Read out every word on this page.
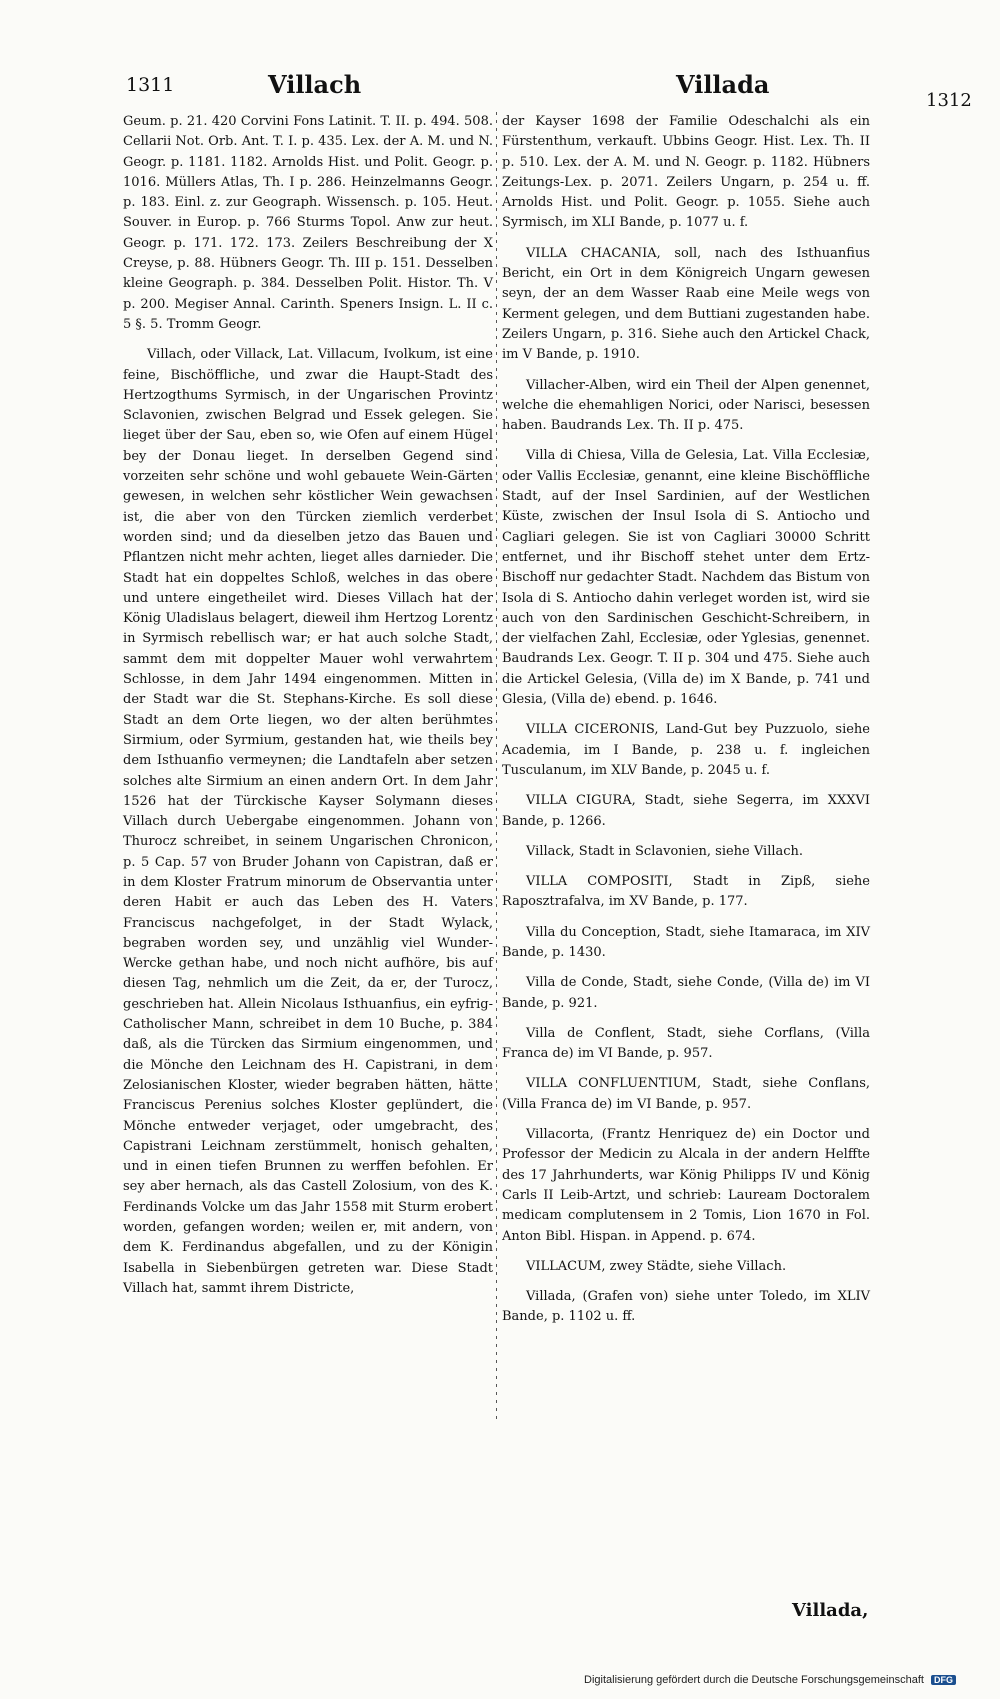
1311	Villach	Villada
1312

Geum. p. 21. 420 Corvini Fons Latinit. T. II. p. 494. 508. Cellarii Not. Orb. Ant. T. I. p. 435. Lex. der A. M. und N. Geogr. p. 1181. 1182. Arnolds Hist. und Polit. Geogr. p. 1016. Müllers Atlas, Th. I p. 286. Heinzelmanns Geogr. p. 183. Einl. z. zur Geograph. Wissensch. p. 105. Heut. Souver. in Europ. p. 766 Sturms Topol. Anw zur heut. Geogr. p. 171. 172. 173. Zeilers Beschreibung der X Creyse, p. 88. Hübners Geogr. Th. III p. 151. Desselben kleine Geograph. p. 384. Desselben Polit. Histor. Th. V p. 200. Megiser Annal. Carinth. Speners Insign. L. II c. 5 §. 5. Tromm Geogr.

Villach, oder Villack, Lat. Villacum, Ivolkum, ist eine feine, Bischöffliche, und zwar die Haupt-Stadt des Hertzogthums Syrmisch, in der Ungarischen Provintz Sclavonien, zwischen Belgrad und Essek gelegen. Sie lieget über der Sau, eben so, wie Ofen auf einem Hügel bey der Donau lieget. In derselben Gegend sind vorzeiten sehr schöne und wohl gebauete Wein-Gärten gewesen, in welchen sehr köstlicher Wein gewachsen ist, die aber von den Türcken ziemlich verderbet worden sind; und da dieselben jetzo das Bauen und Pflantzen nicht mehr achten, lieget alles darnieder. Die Stadt hat ein doppeltes Schloß, welches in das obere und untere eingetheilet wird. Dieses Villach hat der König Uladislaus belagert, dieweil ihm Hertzog Lorentz in Syrmisch rebellisch war; er hat auch solche Stadt, sammt dem mit doppelter Mauer wohl verwahrtem Schlosse, in dem Jahr 1494 eingenommen. Mitten in der Stadt war die St. Stephans-Kirche. Es soll diese Stadt an dem Orte liegen, wo der alten berühmtes Sirmium, oder Syrmium, gestanden hat, wie theils bey dem Isthuanfio vermeynen; die Landtafeln aber setzen solches alte Sirmium an einen andern Ort. In dem Jahr 1526 hat der Türckische Kayser Solymann dieses Villach durch Uebergabe eingenommen. Johann von Thurocz schreibet, in seinem Ungarischen Chronicon, p. 5 Cap. 57 von Bruder Johann von Capistran, daß er in dem Kloster Fratrum minorum de Observantia unter deren Habit er auch das Leben des H. Vaters Franciscus nachgefolget, in der Stadt Wylack, begraben worden sey, und unzählig viel Wunder-Wercke gethan habe, und noch nicht aufhöre, bis auf diesen Tag, nehmlich um die Zeit, da er, der Turocz, geschrieben hat. Allein Nicolaus Isthuanfius, ein eyfrig-Catholischer Mann, schreibet in dem 10 Buche, p. 384 daß, als die Türcken das Sirmium eingenommen, und die Mönche den Leichnam des H. Capistrani, in dem Zelosianischen Kloster, wieder begraben hätten, hätte Franciscus Perenius solches Kloster geplündert, die Mönche entweder verjaget, oder umgebracht, des Capistrani Leichnam zerstümmelt, honisch gehalten, und in einen tiefen Brunnen zu werffen befohlen. Er sey aber hernach, als das Castell Zolosium, von des K. Ferdinands Volcke um das Jahr 1558 mit Sturm erobert worden, gefangen worden; weilen er, mit andern, von dem K. Ferdinandus abgefallen, und zu der Königin Isabella in Siebenbürgen getreten war. Diese Stadt Villach hat, sammt ihrem Districte,

der Kayser 1698 der Familie Odeschalchi als ein Fürstenthum, verkauft. Ubbins Geogr. Hist. Lex. Th. II p. 510. Lex. der A. M. und N. Geogr. p. 1182. Hübners Zeitungs-Lex. p. 2071. Zeilers Ungarn, p. 254 u. ff. Arnolds Hist. und Polit. Geogr. p. 1055. Siehe auch Syrmisch, im XLI Bande, p. 1077 u. f.

VILLA CHACANIA, soll, nach des Isthuanfius Bericht, ein Ort in dem Königreich Ungarn gewesen seyn, der an dem Wasser Raab eine Meile wegs von Kerment gelegen, und dem Buttiani zugestanden habe. Zeilers Ungarn, p. 316. Siehe auch den Artickel Chack, im V Bande, p. 1910.

Villacher-Alben, wird ein Theil der Alpen genennet, welche die ehemahligen Norici, oder Narisci, besessen haben. Baudrands Lex. Th. II p. 475.

Villa di Chiesa, Villa de Gelesia, Lat. Villa Ecclesiæ, oder Vallis Ecclesiæ, genannt, eine kleine Bischöffliche Stadt, auf der Insel Sardinien, auf der Westlichen Küste, zwischen der Insul Isola di S. Antiocho und Cagliari gelegen. Sie ist von Cagliari 30000 Schritt entfernet, und ihr Bischoff stehet unter dem Ertz-Bischoff nur gedachter Stadt. Nachdem das Bistum von Isola di S. Antiocho dahin verleget worden ist, wird sie auch von den Sardinischen Geschicht-Schreibern, in der vielfachen Zahl, Ecclesiæ, oder Yglesias, genennet. Baudrands Lex. Geogr. T. II p. 304 und 475. Siehe auch die Artickel Gelesia, (Villa de) im X Bande, p. 741 und Glesia, (Villa de) ebend. p. 1646.

VILLA CICERONIS, Land-Gut bey Puzzuolo, siehe Academia, im I Bande, p. 238 u. f. ingleichen Tusculanum, im XLV Bande, p. 2045 u. f.

VILLA CIGURA, Stadt, siehe Segerra, im XXXVI Bande, p. 1266.

Villack, Stadt in Sclavonien, siehe Villach.

VILLA COMPOSITI, Stadt in Zipß, siehe Raposztrafalva, im XV Bande, p. 177.

Villa du Conception, Stadt, siehe Itamaraca, im XIV Bande, p. 1430.

Villa de Conde, Stadt, siehe Conde, (Villa de) im VI Bande, p. 921.

Villa de Conflent, Stadt, siehe Corflans, (Villa Franca de) im VI Bande, p. 957.

VILLA CONFLUENTIUM, Stadt, siehe Conflans, (Villa Franca de) im VI Bande, p. 957.

Villacorta, (Frantz Henriquez de) ein Doctor und Professor der Medicin zu Alcala in der andern Helffte des 17 Jahrhunderts, war König Philipps IV und König Carls II Leib-Artzt, und schrieb: Lauream Doctoralem medicam complutensem in 2 Tomis, Lion 1670 in Fol. Anton Bibl. Hispan. in Append. p. 674.

VILLACUM, zwey Städte, siehe Villach.

Villada, (Grafen von) siehe unter Toledo, im XLIV Bande, p. 1102 u. ff.

Villada,
Digitalisierung gefördert durch die Deutsche Forschungsgemeinschaft DFG
